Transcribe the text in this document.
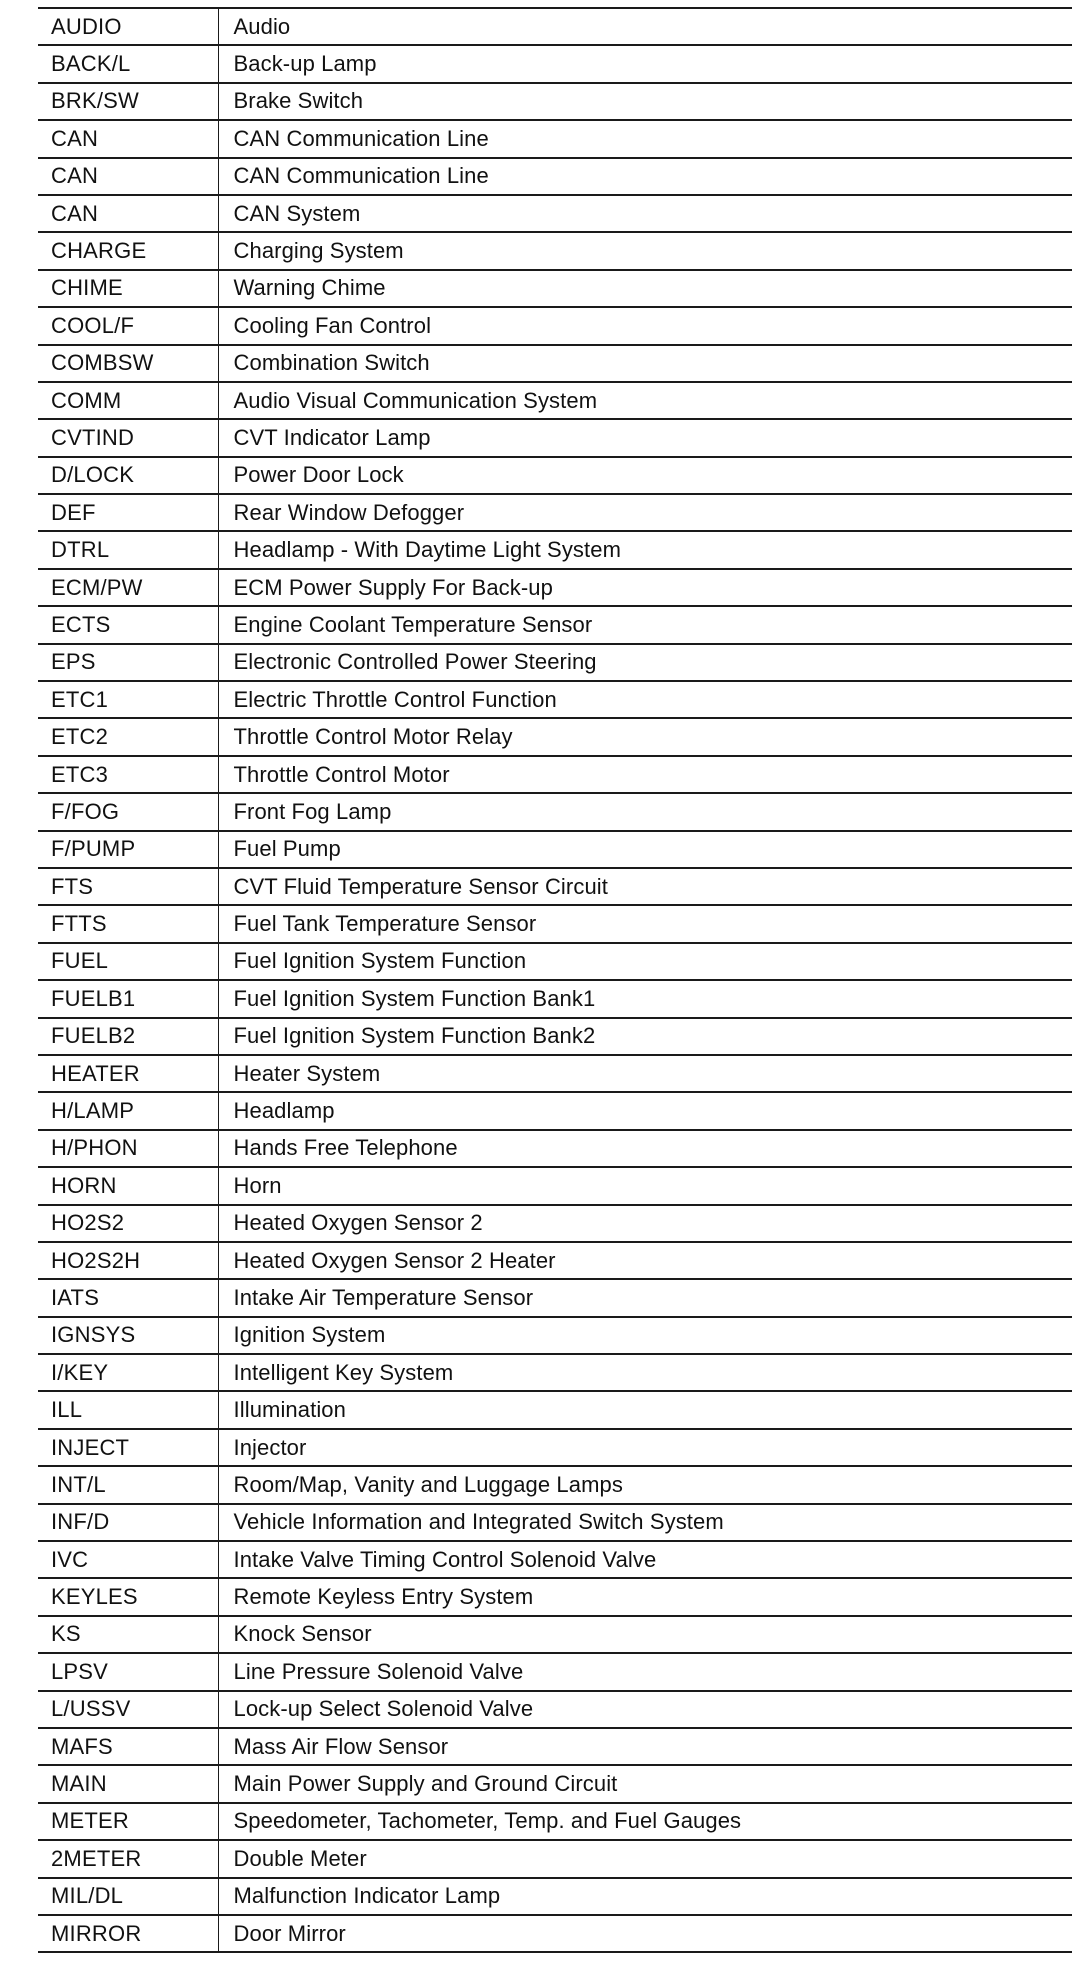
AUDIO	Audio
BACK/L	Back-up Lamp
BRK/SW	Brake Switch
CAN	CAN Communication Line
CAN	CAN Communication Line
CAN	CAN System
CHARGE	Charging System
CHIME	Warning Chime
COOL/F	Cooling Fan Control
COMBSW	Combination Switch
COMM	Audio Visual Communication System
CVTIND	CVT Indicator Lamp
D/LOCK	Power Door Lock
DEF	Rear Window Defogger
DTRL	Headlamp - With Daytime Light System
ECM/PW	ECM Power Supply For Back-up
ECTS	Engine Coolant Temperature Sensor
EPS	Electronic Controlled Power Steering
ETC1	Electric Throttle Control Function
ETC2	Throttle Control Motor Relay
ETC3	Throttle Control Motor
F/FOG	Front Fog Lamp
F/PUMP	Fuel Pump
FTS	CVT Fluid Temperature Sensor Circuit
FTTS	Fuel Tank Temperature Sensor
FUEL	Fuel Ignition System Function
FUELB1	Fuel Ignition System Function Bank1
FUELB2	Fuel Ignition System Function Bank2
HEATER	Heater System
H/LAMP	Headlamp
H/PHON	Hands Free Telephone
HORN	Horn
HO2S2	Heated Oxygen Sensor 2
HO2S2H	Heated Oxygen Sensor 2 Heater
IATS	Intake Air Temperature Sensor
IGNSYS	Ignition System
I/KEY	Intelligent Key System
ILL	Illumination
INJECT	Injector
INT/L	Room/Map, Vanity and Luggage Lamps
INF/D	Vehicle Information and Integrated Switch System
IVC	Intake Valve Timing Control Solenoid Valve
KEYLES	Remote Keyless Entry System
KS	Knock Sensor
LPSV	Line Pressure Solenoid Valve
L/USSV	Lock-up Select Solenoid Valve
MAFS	Mass Air Flow Sensor
MAIN	Main Power Supply and Ground Circuit
METER	Speedometer, Tachometer, Temp. and Fuel Gauges
2METER	Double Meter
MIL/DL	Malfunction Indicator Lamp
MIRROR	Door Mirror
